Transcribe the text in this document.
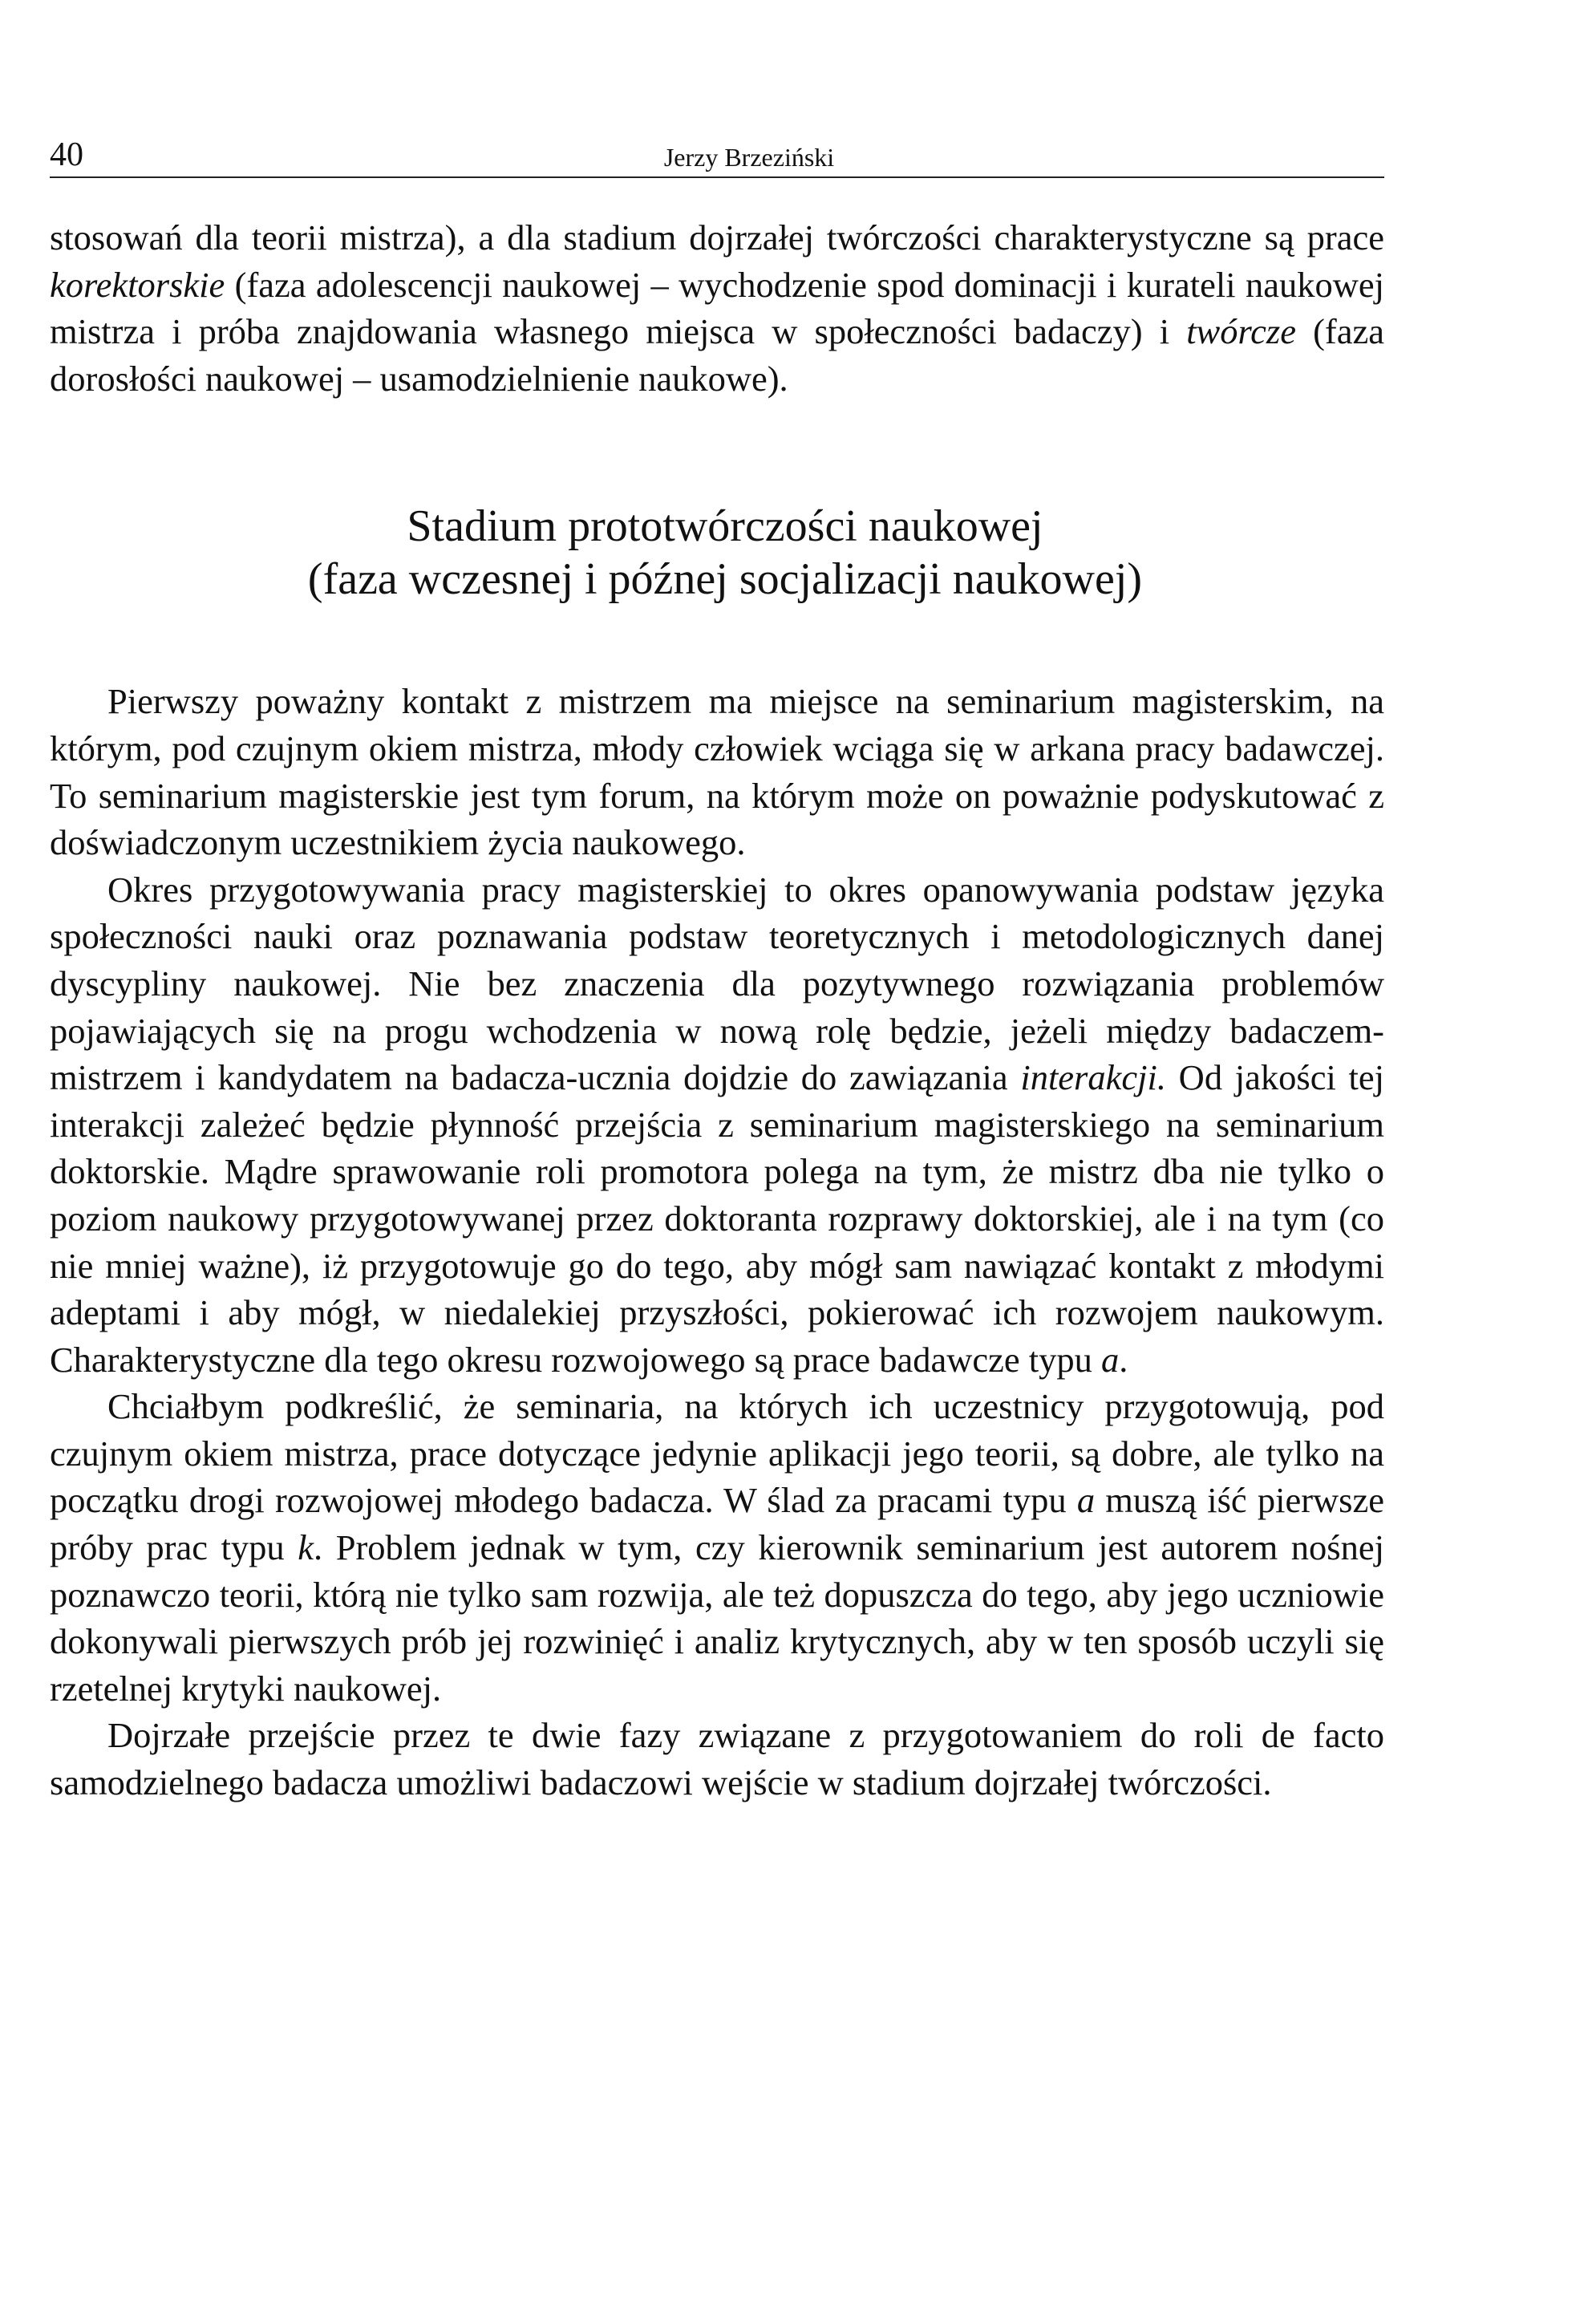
40	Jerzy Brzeziński

stosowań dla teorii mistrza), a dla stadium dojrzałej twórczości charakterystyczne są prace korektorskie (faza adolescencji naukowej – wychodzenie spod dominacji i kurateli naukowej mistrza i próba znajdowania własnego miejsca w społeczności badaczy) i twórcze (faza dorosłości naukowej – usamodzielnienie naukowe).

Stadium prototwórczości naukowej
(faza wczesnej i późnej socjalizacji naukowej)

Pierwszy poważny kontakt z mistrzem ma miejsce na seminarium magisterskim, na którym, pod czujnym okiem mistrza, młody człowiek wciąga się w arkana pracy badawczej. To seminarium magisterskie jest tym forum, na którym może on poważnie podyskutować z doświadczonym uczestnikiem życia naukowego.

Okres przygotowywania pracy magisterskiej to okres opanowywania podstaw języka społeczności nauki oraz poznawania podstaw teoretycznych i metodologicznych danej dyscypliny naukowej. Nie bez znaczenia dla pozytywnego rozwiązania problemów pojawiających się na progu wchodzenia w nową rolę będzie, jeżeli między badaczem-mistrzem i kandydatem na badacza-ucznia dojdzie do zawiązania interakcji. Od jakości tej interakcji zależeć będzie płynność przejścia z seminarium magisterskiego na seminarium doktorskie. Mądre sprawowanie roli promotora polega na tym, że mistrz dba nie tylko o poziom naukowy przygotowywanej przez doktoranta rozprawy doktorskiej, ale i na tym (co nie mniej ważne), iż przygotowuje go do tego, aby mógł sam nawiązać kontakt z młodymi adeptami i aby mógł, w niedalekiej przyszłości, pokierować ich rozwojem naukowym. Charakterystyczne dla tego okresu rozwojowego są prace badawcze typu a.

Chciałbym podkreślić, że seminaria, na których ich uczestnicy przygotowują, pod czujnym okiem mistrza, prace dotyczące jedynie aplikacji jego teorii, są dobre, ale tylko na początku drogi rozwojowej młodego badacza. W ślad za pracami typu a muszą iść pierwsze próby prac typu k. Problem jednak w tym, czy kierownik seminarium jest autorem nośnej poznawczo teorii, którą nie tylko sam rozwija, ale też dopuszcza do tego, aby jego uczniowie dokonywali pierwszych prób jej rozwinięć i analiz krytycznych, aby w ten sposób uczyli się rzetelnej krytyki naukowej.

Dojrzałe przejście przez te dwie fazy związane z przygotowaniem do roli de facto samodzielnego badacza umożliwi badaczowi wejście w stadium dojrzałej twórczości.
